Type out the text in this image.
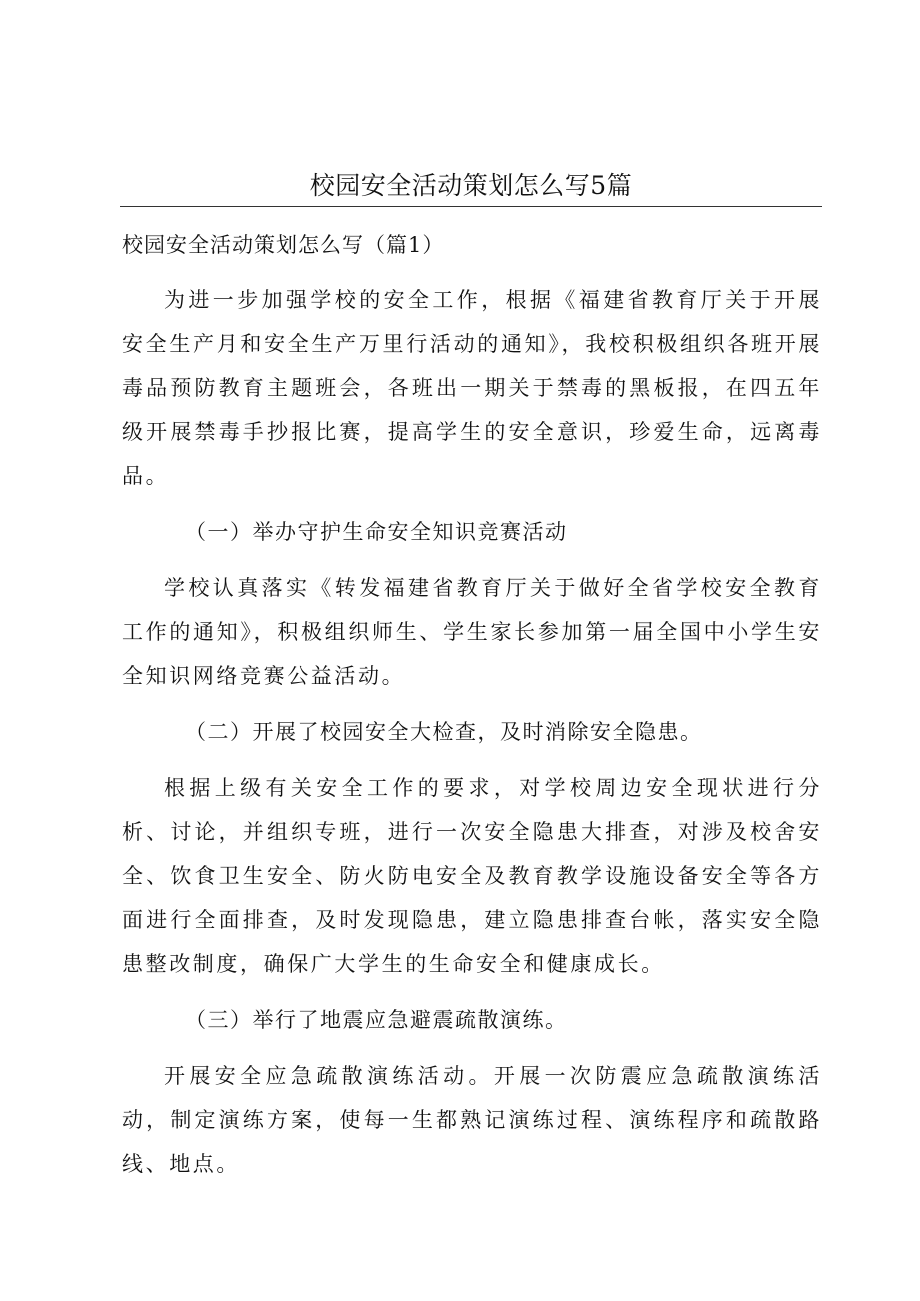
校园安全活动策划怎么写5篇
校园安全活动策划怎么写（篇1）

为进一步加强学校的安全工作，根据《福建省教育厅关于开展安全生产月和安全生产万里行活动的通知》，我校积极组织各班开展毒品预防教育主题班会，各班出一期关于禁毒的黑板报，在四五年级开展禁毒手抄报比赛，提高学生的安全意识，珍爱生命，远离毒品。

（一）举办守护生命安全知识竞赛活动

学校认真落实《转发福建省教育厅关于做好全省学校安全教育工作的通知》，积极组织师生、学生家长参加第一届全国中小学生安全知识网络竞赛公益活动。

（二）开展了校园安全大检查，及时消除安全隐患。

根据上级有关安全工作的要求，对学校周边安全现状进行分析、讨论，并组织专班，进行一次安全隐患大排查，对涉及校舍安全、饮食卫生安全、防火防电安全及教育教学设施设备安全等各方面进行全面排查，及时发现隐患，建立隐患排查台帐，落实安全隐患整改制度，确保广大学生的生命安全和健康成长。

（三）举行了地震应急避震疏散演练。

开展安全应急疏散演练活动。开展一次防震应急疏散演练活动，制定演练方案，使每一生都熟记演练过程、演练程序和疏散路线、地点。
